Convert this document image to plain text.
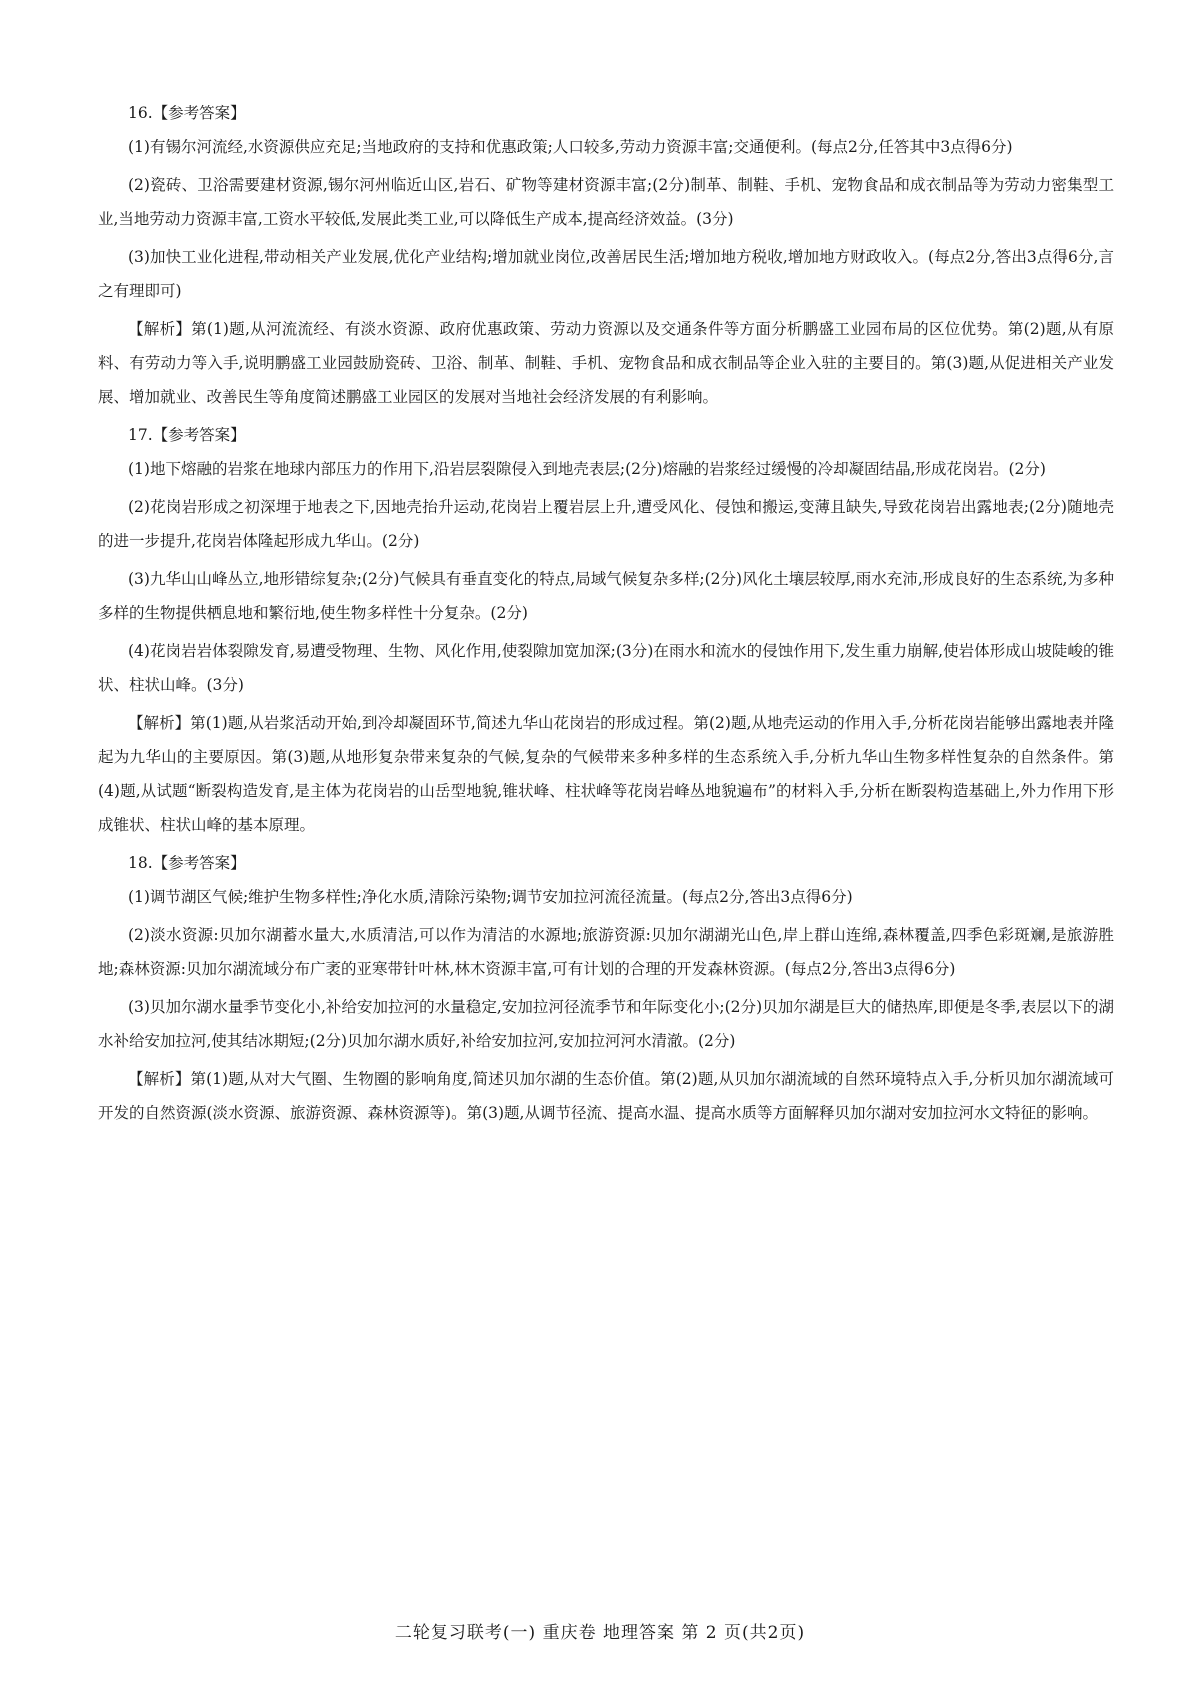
16.【参考答案】

(1)有锡尔河流经,水资源供应充足;当地政府的支持和优惠政策;人口较多,劳动力资源丰富;交通便利。(每点2分,任答其中3点得6分)

(2)瓷砖、卫浴需要建材资源,锡尔河州临近山区,岩石、矿物等建材资源丰富;(2分)制革、制鞋、手机、宠物食品和成衣制品等为劳动力密集型工业,当地劳动力资源丰富,工资水平较低,发展此类工业,可以降低生产成本,提高经济效益。(3分)

(3)加快工业化进程,带动相关产业发展,优化产业结构;增加就业岗位,改善居民生活;增加地方税收,增加地方财政收入。(每点2分,答出3点得6分,言之有理即可)

【解析】第(1)题,从河流流经、有淡水资源、政府优惠政策、劳动力资源以及交通条件等方面分析鹏盛工业园布局的区位优势。第(2)题,从有原料、有劳动力等入手,说明鹏盛工业园鼓励瓷砖、卫浴、制革、制鞋、手机、宠物食品和成衣制品等企业入驻的主要目的。第(3)题,从促进相关产业发展、增加就业、改善民生等角度简述鹏盛工业园区的发展对当地社会经济发展的有利影响。

17.【参考答案】

(1)地下熔融的岩浆在地球内部压力的作用下,沿岩层裂隙侵入到地壳表层;(2分)熔融的岩浆经过缓慢的冷却凝固结晶,形成花岗岩。(2分)

(2)花岗岩形成之初深埋于地表之下,因地壳抬升运动,花岗岩上覆岩层上升,遭受风化、侵蚀和搬运,变薄且缺失,导致花岗岩出露地表;(2分)随地壳的进一步提升,花岗岩体隆起形成九华山。(2分)

(3)九华山山峰丛立,地形错综复杂;(2分)气候具有垂直变化的特点,局域气候复杂多样;(2分)风化土壤层较厚,雨水充沛,形成良好的生态系统,为多种多样的生物提供栖息地和繁衍地,使生物多样性十分复杂。(2分)

(4)花岗岩岩体裂隙发育,易遭受物理、生物、风化作用,使裂隙加宽加深;(3分)在雨水和流水的侵蚀作用下,发生重力崩解,使岩体形成山坡陡峻的锥状、柱状山峰。(3分)

【解析】第(1)题,从岩浆活动开始,到冷却凝固环节,简述九华山花岗岩的形成过程。第(2)题,从地壳运动的作用入手,分析花岗岩能够出露地表并隆起为九华山的主要原因。第(3)题,从地形复杂带来复杂的气候,复杂的气候带来多种多样的生态系统入手,分析九华山生物多样性复杂的自然条件。第(4)题,从试题“断裂构造发育,是主体为花岗岩的山岳型地貌,锥状峰、柱状峰等花岗岩峰丛地貌遍布”的材料入手,分析在断裂构造基础上,外力作用下形成锥状、柱状山峰的基本原理。

18.【参考答案】

(1)调节湖区气候;维护生物多样性;净化水质,清除污染物;调节安加拉河流径流量。(每点2分,答出3点得6分)

(2)淡水资源:贝加尔湖蓄水量大,水质清洁,可以作为清洁的水源地;旅游资源:贝加尔湖湖光山色,岸上群山连绵,森林覆盖,四季色彩斑斓,是旅游胜地;森林资源:贝加尔湖流域分布广袤的亚寒带针叶林,林木资源丰富,可有计划的合理的开发森林资源。(每点2分,答出3点得6分)

(3)贝加尔湖水量季节变化小,补给安加拉河的水量稳定,安加拉河径流季节和年际变化小;(2分)贝加尔湖是巨大的储热库,即便是冬季,表层以下的湖水补给安加拉河,使其结冰期短;(2分)贝加尔湖水质好,补给安加拉河,安加拉河河水清澈。(2分)

【解析】第(1)题,从对大气圈、生物圈的影响角度,简述贝加尔湖的生态价值。第(2)题,从贝加尔湖流域的自然环境特点入手,分析贝加尔湖流域可开发的自然资源(淡水资源、旅游资源、森林资源等)。第(3)题,从调节径流、提高水温、提高水质等方面解释贝加尔湖对安加拉河水文特征的影响。

二轮复习联考(一) 重庆卷 地理答案 第 2 页(共2页)
